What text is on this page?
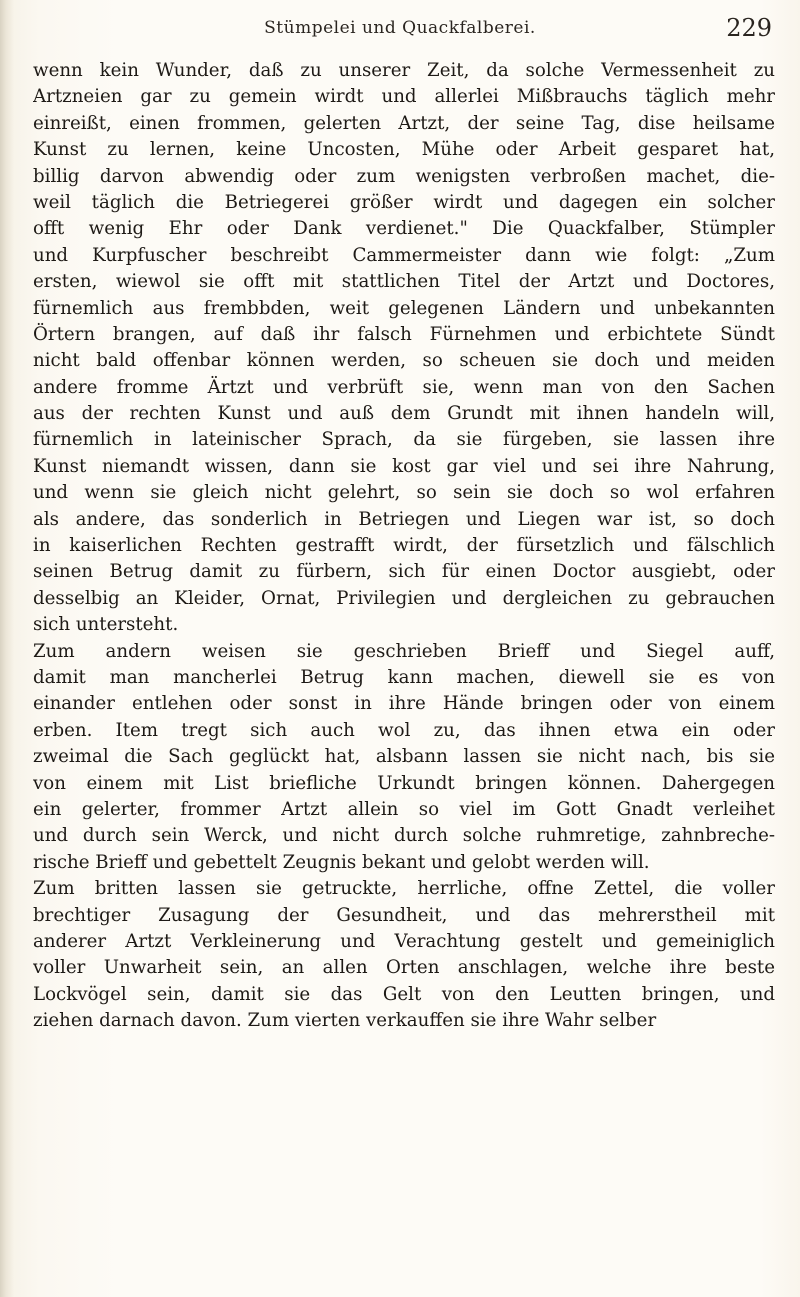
Stümpelei und Quackfalberei.	229
wenn kein Wunder, daß zu unserer Zeit, da solche Vermessenheit zu
Artzneien gar zu gemein wirdt und allerlei Mißbrauchs täglich mehr
einreißt, einen frommen, gelerten Artzt, der seine Tag, dise heilsame
Kunst zu lernen, keine Uncosten, Mühe oder Arbeit gesparet hat,
billig darvon abwendig oder zum wenigsten verbroßen machet, die-
weil täglich die Betriegerei größer wirdt und dagegen ein solcher
offt wenig Ehr oder Dank verdienet." Die Quackfalber, Stümpler
und Kurpfuscher beschreibt Cammermeister dann wie folgt: „Zum
ersten, wiewol sie offt mit stattlichen Titel der Artzt und Doctores,
fürnemlich aus frembbden, weit gelegenen Ländern und unbekannten
Örtern brangen, auf daß ihr falsch Fürnehmen und erbichtete Sündt
nicht bald offenbar können werden, so scheuen sie doch und meiden
andere fromme Ärtzt und verbrüft sie, wenn man von den Sachen
aus der rechten Kunst und auß dem Grundt mit ihnen handeln will,
fürnemlich in lateinischer Sprach, da sie fürgeben, sie lassen ihre
Kunst niemandt wissen, dann sie kost gar viel und sei ihre Nahrung,
und wenn sie gleich nicht gelehrt, so sein sie doch so wol erfahren
als andere, das sonderlich in Betriegen und Liegen war ist, so doch
in kaiserlichen Rechten gestrafft wirdt, der fürsetzlich und fälschlich
seinen Betrug damit zu fürbern, sich für einen Doctor ausgiebt, oder
desselbig an Kleider, Ornat, Privilegien und dergleichen zu gebrauchen
sich untersteht.
Zum andern weisen sie geschrieben Brieff und Siegel auff,
damit man mancherlei Betrug kann machen, diewell sie es von
einander entlehen oder sonst in ihre Hände bringen oder von einem
erben. Item tregt sich auch wol zu, das ihnen etwa ein oder
zweimal die Sach geglückt hat, alsbann lassen sie nicht nach, bis sie
von einem mit List briefliche Urkundt bringen können. Dahergegen
ein gelerter, frommer Artzt allein so viel im Gott Gnadt verleihet
und durch sein Werck, und nicht durch solche ruhmretige, zahnbreche-
rische Brieff und gebettelt Zeugnis bekant und gelobt werden will.
Zum britten lassen sie getruckte, herrliche, offne Zettel, die voller
brechtiger Zusagung der Gesundheit, und das mehrerstheil mit
anderer Artzt Verkleinerung und Verachtung gestelt und gemeiniglich
voller Unwarheit sein, an allen Orten anschlagen, welche ihre beste
Lockvögel sein, damit sie das Gelt von den Leutten bringen, und
ziehen darnach davon. Zum vierten verkauffen sie ihre Wahr selber
